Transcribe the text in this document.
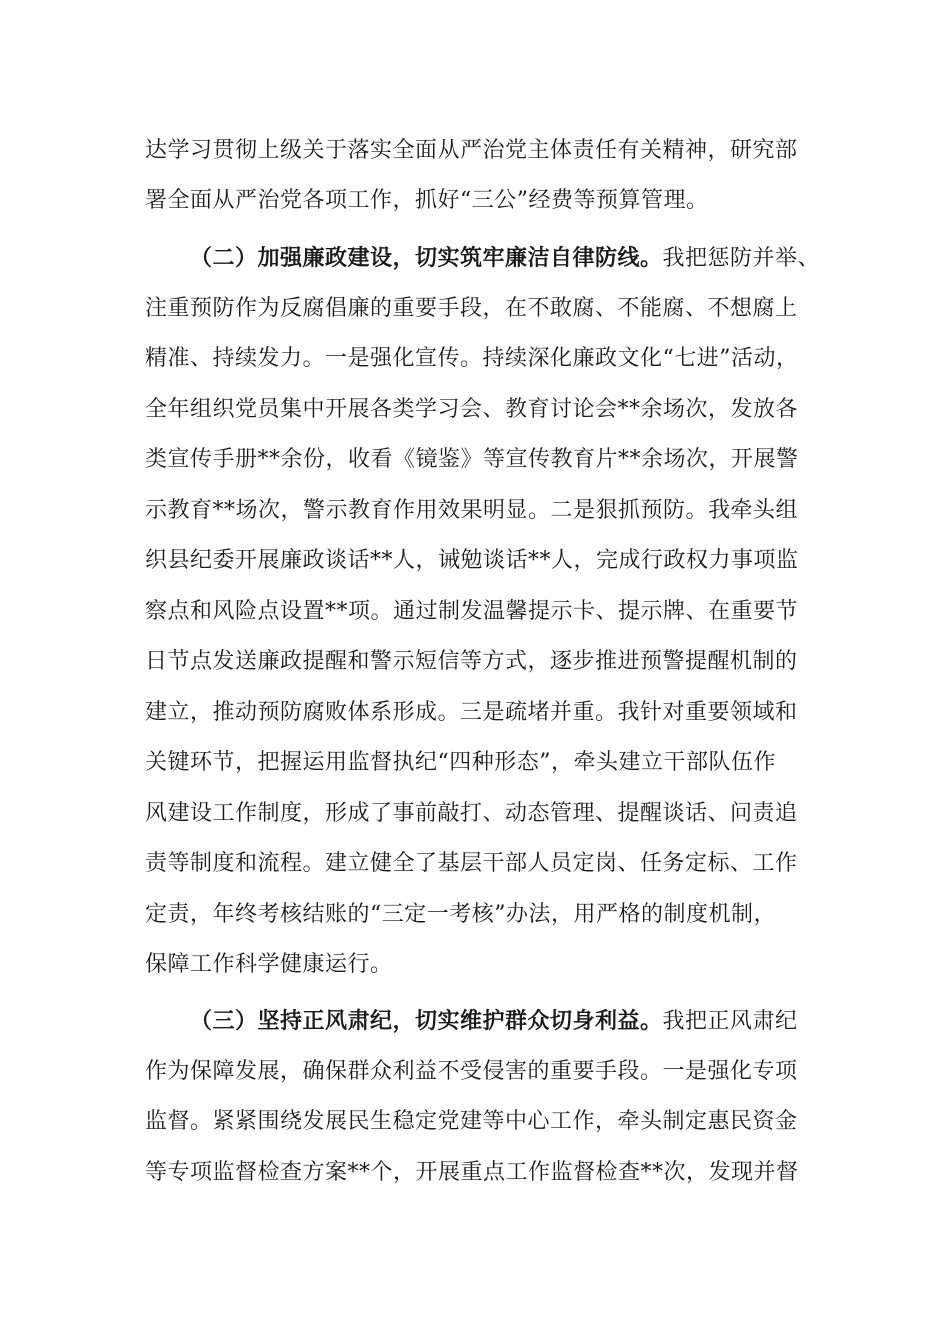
达学习贯彻上级关于落实全面从严治党主体责任有关精神，研究部
署全面从严治党各项工作，抓好“三公”经费等预算管理。
（二）加强廉政建设，切实筑牢廉洁自律防线。我把惩防并举、
注重预防作为反腐倡廉的重要手段，在不敢腐、不能腐、不想腐上
精准、持续发力。一是强化宣传。持续深化廉政文化“七进”活动，
全年组织党员集中开展各类学习会、教育讨论会**余场次，发放各
类宣传手册**余份，收看《镜鉴》等宣传教育片**余场次，开展警
示教育**场次，警示教育作用效果明显。二是狠抓预防。我牵头组
织县纪委开展廉政谈话**人，诫勉谈话**人，完成行政权力事项监
察点和风险点设置**项。通过制发温馨提示卡、提示牌、在重要节
日节点发送廉政提醒和警示短信等方式，逐步推进预警提醒机制的
建立，推动预防腐败体系形成。三是疏堵并重。我针对重要领域和
关键环节，把握运用监督执纪“四种形态”，牵头建立干部队伍作
风建设工作制度，形成了事前敲打、动态管理、提醒谈话、问责追
责等制度和流程。建立健全了基层干部人员定岗、任务定标、工作
定责，年终考核结账的“三定一考核”办法，用严格的制度机制，
保障工作科学健康运行。
（三）坚持正风肃纪，切实维护群众切身利益。我把正风肃纪
作为保障发展，确保群众利益不受侵害的重要手段。一是强化专项
监督。紧紧围绕发展民生稳定党建等中心工作，牵头制定惠民资金
等专项监督检查方案**个，开展重点工作监督检查**次，发现并督
